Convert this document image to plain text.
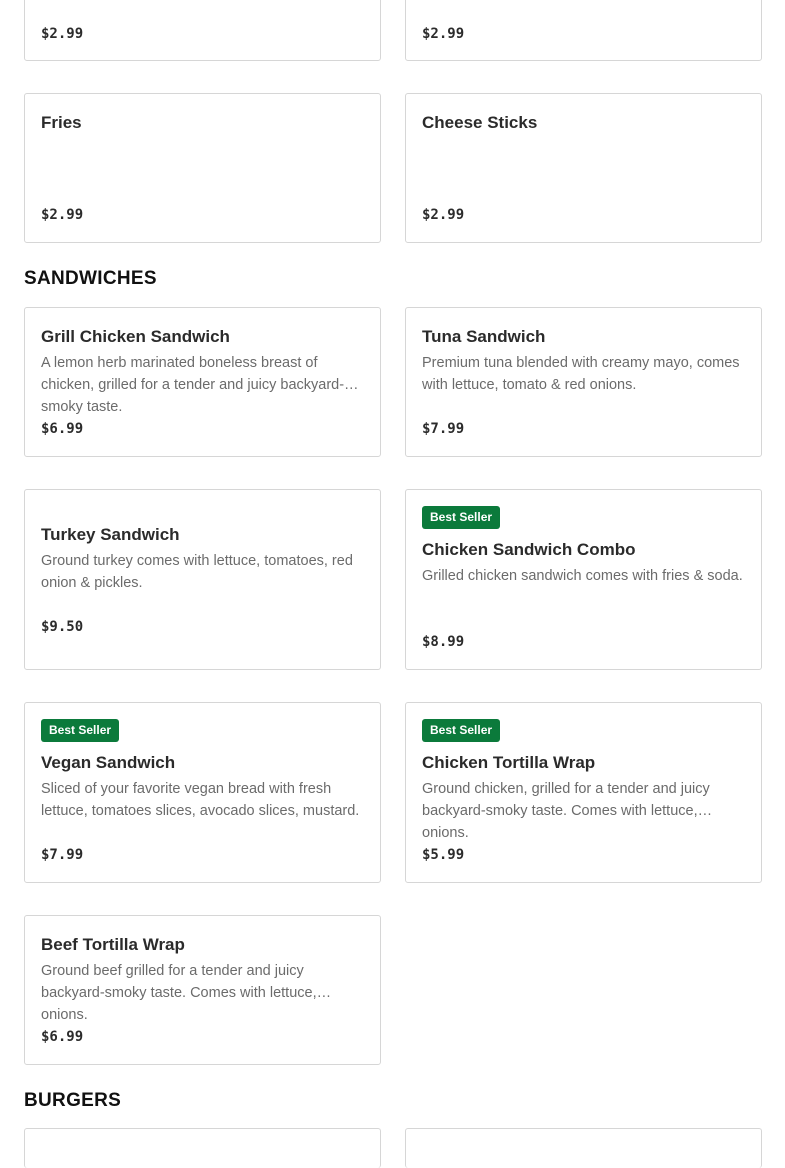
$2.99	$2.99
Fries
$2.99
Cheese Sticks
$2.99
SANDWICHES
Grill Chicken Sandwich
A lemon herb marinated boneless breast of chicken, grilled for a tender and juicy backyard-smoky taste.
$6.99
Tuna Sandwich
Premium tuna blended with creamy mayo, comes with lettuce, tomato & red onions.
$7.99
Turkey Sandwich
Ground turkey comes with lettuce, tomatoes, red onion & pickles.
$9.50
Best Seller
Chicken Sandwich Combo
Grilled chicken sandwich comes with fries & soda.
$8.99
Best Seller
Vegan Sandwich
Sliced of your favorite vegan bread with fresh lettuce, tomatoes slices, avocado slices, mustard.
$7.99
Best Seller
Chicken Tortilla Wrap
Ground chicken, grilled for a tender and juicy backyard-smoky taste. Comes with lettuce, onions.
$5.99
Beef Tortilla Wrap
Ground beef grilled for a tender and juicy backyard-smoky taste. Comes with lettuce, onions.
$6.99
BURGERS
